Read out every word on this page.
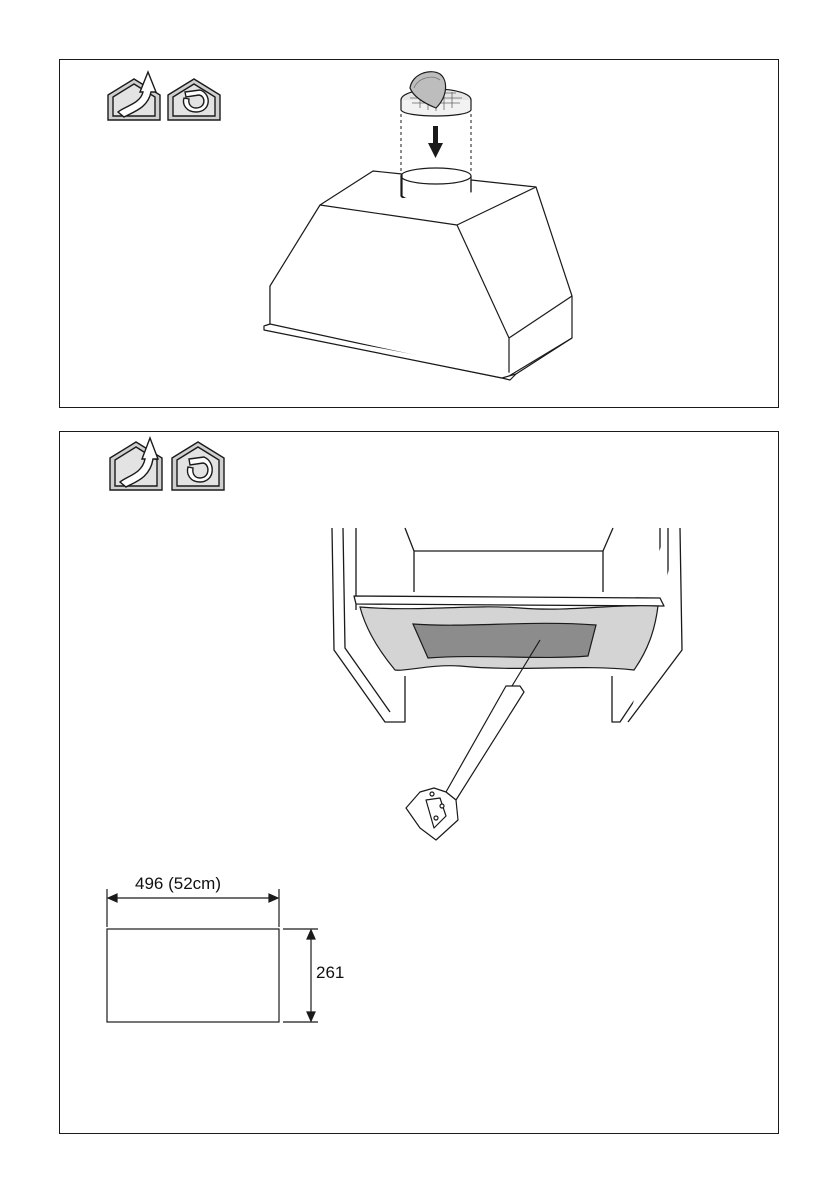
496 (52cm)
261
